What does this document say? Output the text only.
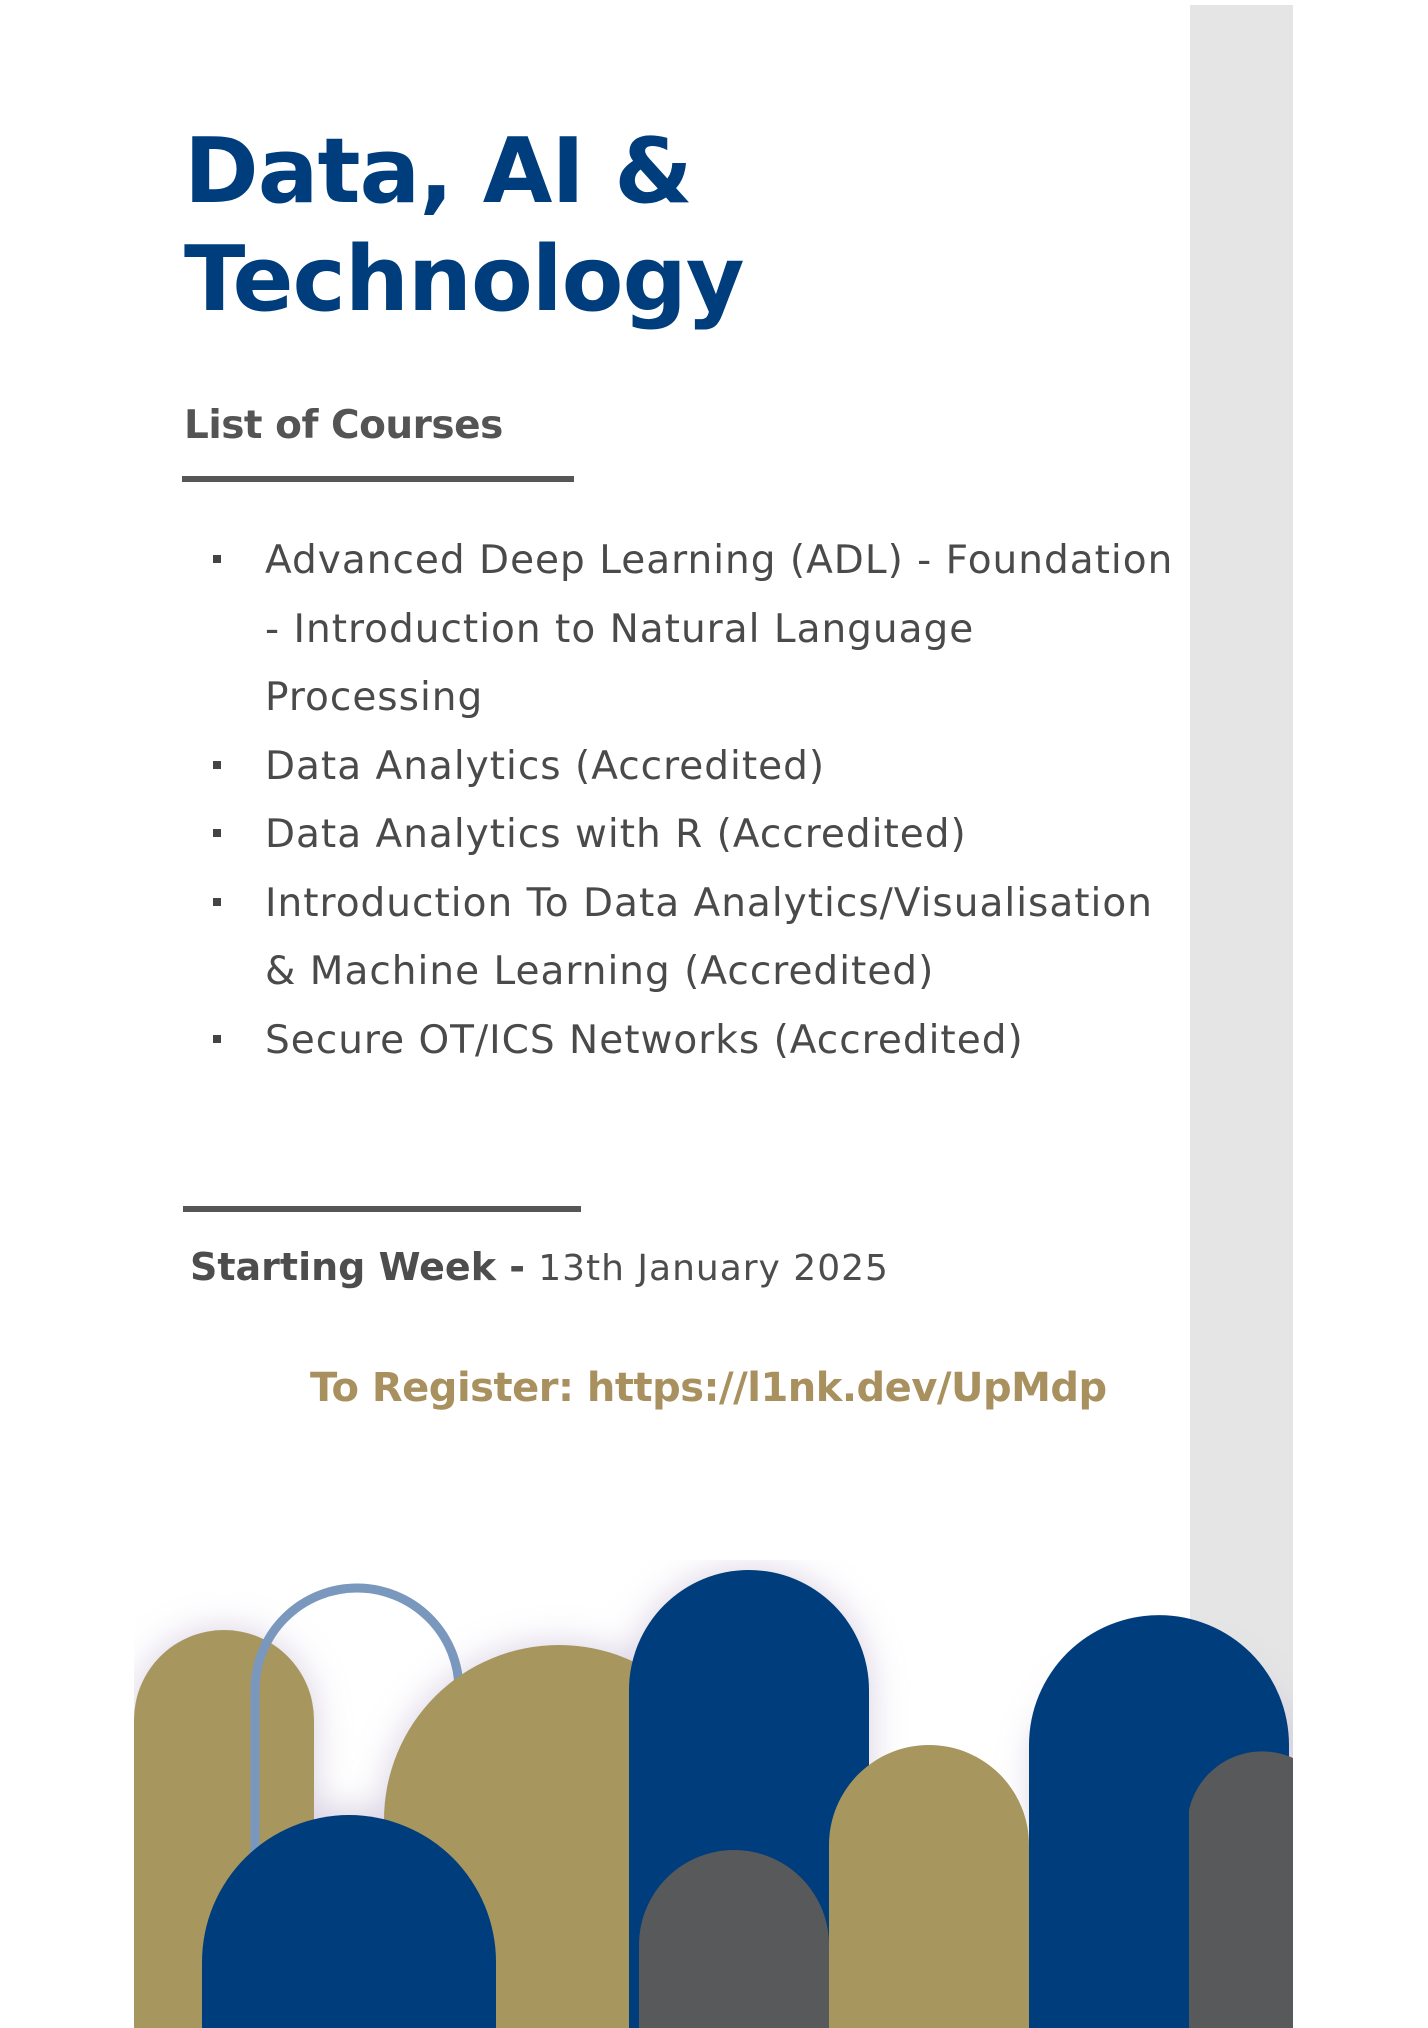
Data, AI &
Technology
List of Courses
Advanced Deep Learning (ADL) - Foundation - Introduction to Natural Language Processing
Data Analytics (Accredited)
Data Analytics with R (Accredited)
Introduction To Data Analytics/Visualisation & Machine Learning (Accredited)
Secure OT/ICS Networks (Accredited)
Starting Week - 13th January 2025
To Register: https://l1nk.dev/UpMdp
